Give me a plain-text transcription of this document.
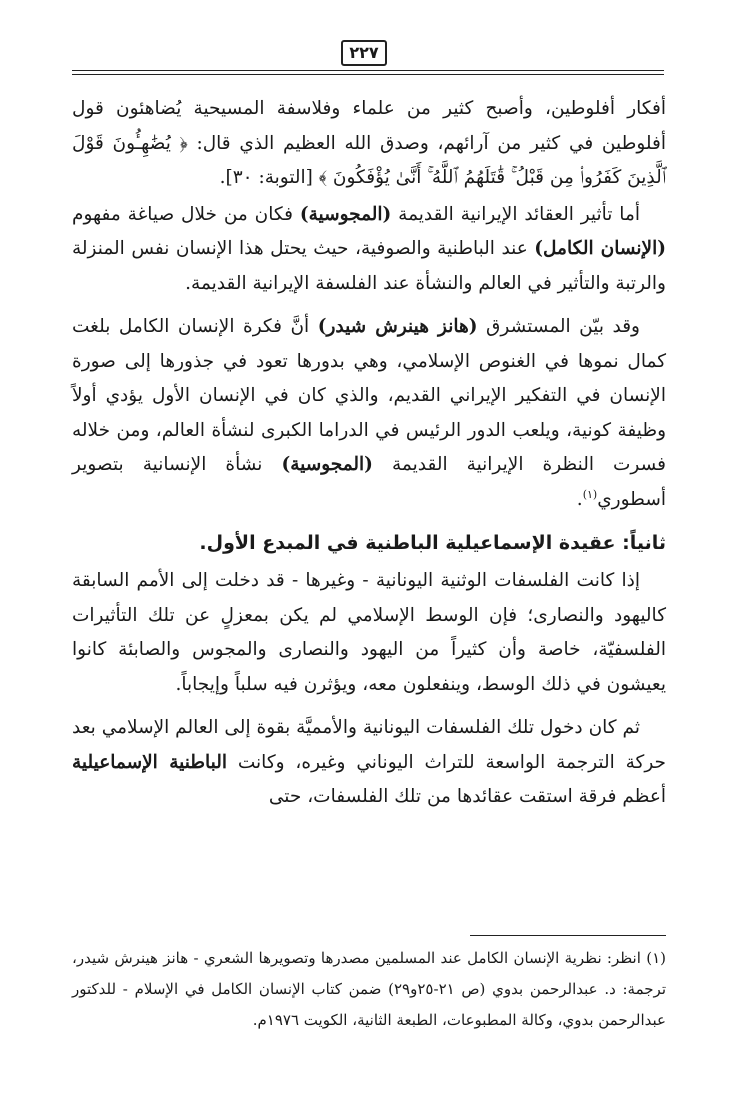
٢٢٧

أفكار أفلوطين، وأصبح كثير من علماء وفلاسفة المسيحية يُضاهئون قول أفلوطين في كثير من آرائهم، وصدق الله العظيم الذي قال: ﴿ يُضَٰهِـُٔونَ قَوْلَ ٱلَّذِينَ كَفَرُوا۟ مِن قَبْلُ ۚ قَٰتَلَهُمُ ٱللَّهُ ۚ أَنَّىٰ يُؤْفَكُونَ ﴾ [التوبة: ٣٠].

أما تأثير العقائد الإيرانية القديمة (المجوسية) فكان من خلال صياغة مفهوم (الإنسان الكامل) عند الباطنية والصوفية، حيث يحتل هذا الإنسان نفس المنزلة والرتبة والتأثير في العالم والنشأة عند الفلسفة الإيرانية القديمة.

وقد بيّن المستشرق (هانز هينرش شيدر) أنَّ فكرة الإنسان الكامل بلغت كمال نموها في الغنوص الإسلامي، وهي بدورها تعود في جذورها إلى صورة الإنسان في التفكير الإيراني القديم، والذي كان في الإنسان الأول يؤدي أولاً وظيفة كونية، ويلعب الدور الرئيس في الدراما الكبرى لنشأة العالم، ومن خلاله فسرت النظرة الإيرانية القديمة (المجوسية) نشأة الإنسانية بتصوير أسطوري$^{(١)}$.

ثانياً: عقيدة الإسماعيلية الباطنية في المبدع الأول.

إذا كانت الفلسفات الوثنية اليونانية - وغيرها - قد دخلت إلى الأمم السابقة كاليهود والنصارى؛ فإن الوسط الإسلامي لم يكن بمعزلٍ عن تلك التأثيرات الفلسفيّة، خاصة وأن كثيراً من اليهود والنصارى والمجوس والصابئة كانوا يعيشون في ذلك الوسط، وينفعلون معه، ويؤثرن فيه سلباً وإيجاباً.

ثم كان دخول تلك الفلسفات اليونانية والأمميَّة بقوة إلى العالم الإسلامي بعد حركة الترجمة الواسعة للتراث اليوناني وغيره، وكانت الباطنية الإسماعيلية أعظم فرقة استقت عقائدها من تلك الفلسفات، حتى

(١) انظر: نظرية الإنسان الكامل عند المسلمين مصدرها وتصويرها الشعري - هانز هينرش شيدر، ترجمة: د. عبدالرحمن بدوي (ص ٢١-٢٥و٢٩) ضمن كتاب الإنسان الكامل في الإسلام - للدكتور عبدالرحمن بدوي، وكالة المطبوعات، الطبعة الثانية، الكويت ١٩٧٦م.
